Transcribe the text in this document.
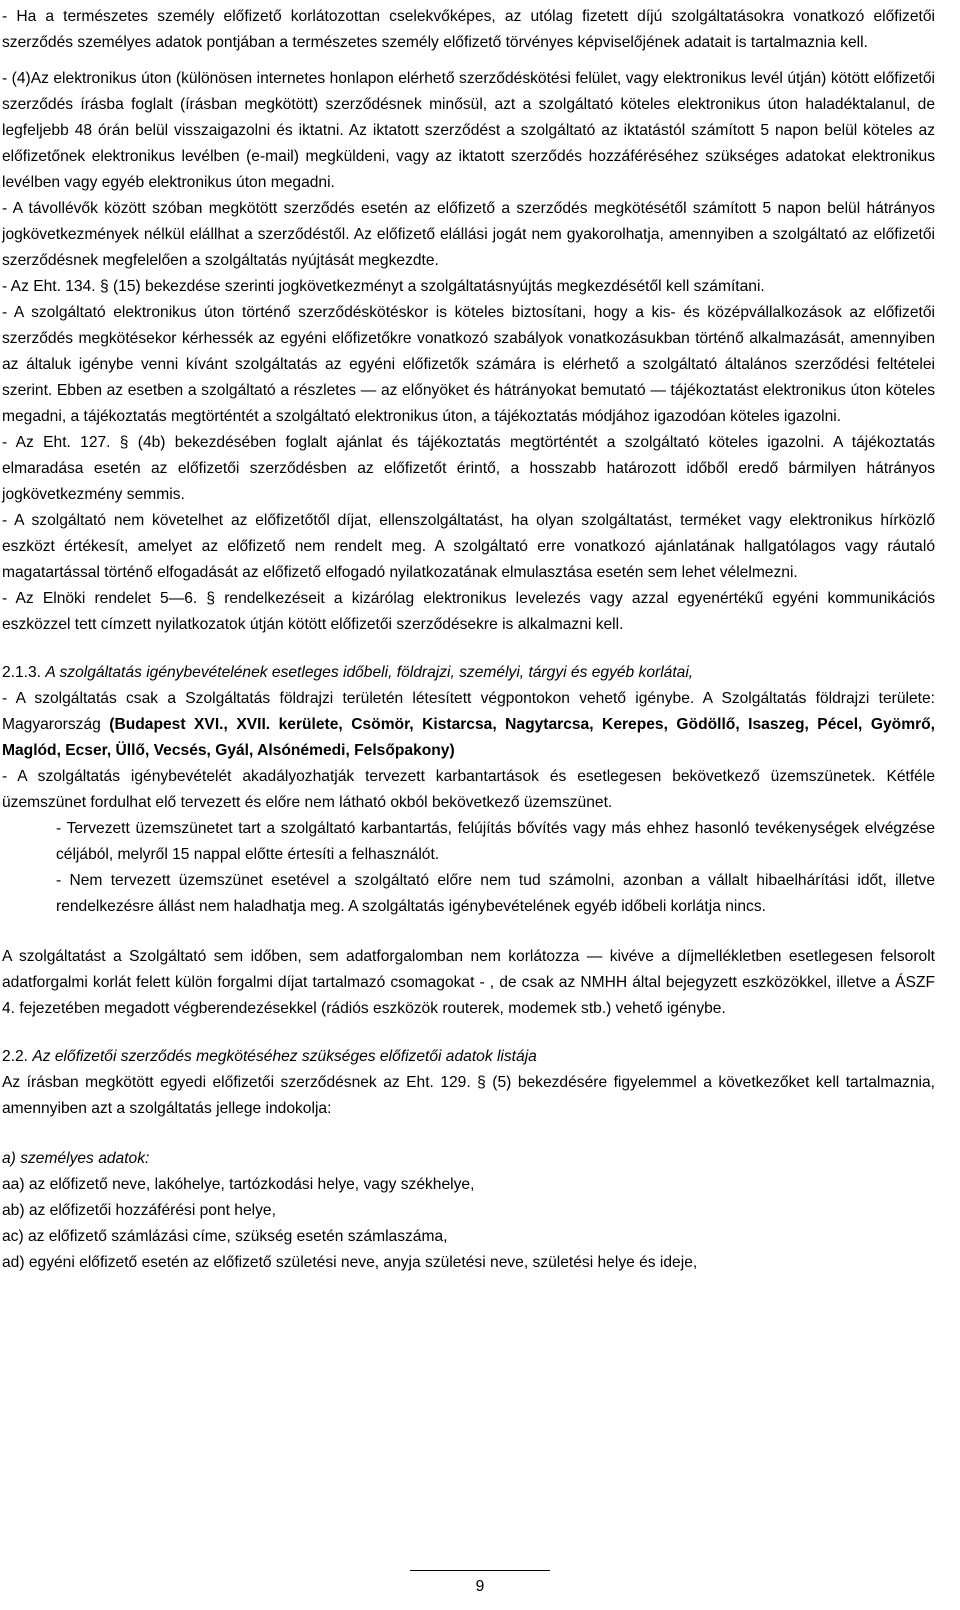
- Ha a természetes személy előfizető korlátozottan cselekvőképes, az utólag fizetett díjú szolgáltatásokra vonatkozó előfizetői szerződés személyes adatok pontjában a természetes személy előfizető törvényes képviselőjének adatait is tartalmaznia kell.

- (4)Az elektronikus úton (különösen internetes honlapon elérhető szerződéskötési felület, vagy elektronikus levél útján) kötött előfizetői szerződés írásba foglalt (írásban megkötött) szerződésnek minősül, azt a szolgáltató köteles elektronikus úton haladéktalanul, de legfeljebb 48 órán belül visszaigazolni és iktatni. Az iktatott szerződést a szolgáltató az iktatástól számított 5 napon belül köteles az előfizetőnek elektronikus levélben (e-mail) megküldeni, vagy az iktatott szerződés hozzáféréséhez szükséges adatokat elektronikus levélben vagy egyéb elektronikus úton megadni.

- A távollévők között szóban megkötött szerződés esetén az előfizető a szerződés megkötésétől számított 5 napon belül hátrányos jogkövetkezmények nélkül elállhat a szerződéstől. Az előfizető elállási jogát nem gyakorolhatja, amennyiben a szolgáltató az előfizetői szerződésnek megfelelően a szolgáltatás nyújtását megkezdte.

- Az Eht. 134. § (15) bekezdése szerinti jogkövetkezményt a szolgáltatásnyújtás megkezdésétől kell számítani.

- A szolgáltató elektronikus úton történő szerződéskötéskor is köteles biztosítani, hogy a kis- és középvállalkozások az előfizetői szerződés megkötésekor kérhessék az egyéni előfizetőkre vonatkozó szabályok vonatkozásukban történő alkalmazását, amennyiben az általuk igénybe venni kívánt szolgáltatás az egyéni előfizetők számára is elérhető a szolgáltató általános szerződési feltételei szerint. Ebben az esetben a szolgáltató a részletes — az előnyöket és hátrányokat bemutató — tájékoztatást elektronikus úton köteles megadni, a tájékoztatás megtörténtét a szolgáltató elektronikus úton, a tájékoztatás módjához igazodóan köteles igazolni.

- Az Eht. 127. § (4b) bekezdésében foglalt ajánlat és tájékoztatás megtörténtét a szolgáltató köteles igazolni. A tájékoztatás elmaradása esetén az előfizetői szerződésben az előfizetőt érintő, a hosszabb határozott időből eredő bármilyen hátrányos jogkövetkezmény semmis.

- A szolgáltató nem követelhet az előfizetőtől díjat, ellenszolgáltatást, ha olyan szolgáltatást, terméket vagy elektronikus hírközlő eszközt értékesít, amelyet az előfizető nem rendelt meg. A szolgáltató erre vonatkozó ajánlatának hallgatólagos vagy ráutaló magatartással történő elfogadását az előfizető elfogadó nyilatkozatának elmulasztása esetén sem lehet vélelmezni.

- Az Elnöki rendelet 5—6. § rendelkezéseit a kizárólag elektronikus levelezés vagy azzal egyenértékű egyéni kommunikációs eszközzel tett címzett nyilatkozatok útján kötött előfizetői szerződésekre is alkalmazni kell.

2.1.3. A szolgáltatás igénybevételének esetleges időbeli, földrajzi, személyi, tárgyi és egyéb korlátai,

- A szolgáltatás csak a Szolgáltatás földrajzi területén létesített végpontokon vehető igénybe. A Szolgáltatás földrajzi területe: Magyarország (Budapest XVI., XVII. kerülete, Csömör, Kistarcsa, Nagytarcsa, Kerepes, Gödöllő, Isaszeg, Pécel, Gyömrő, Maglód, Ecser, Üllő, Vecsés, Gyál, Alsónémedi, Felsőpakony)

- A szolgáltatás igénybevételét akadályozhatják tervezett karbantartások és esetlegesen bekövetkező üzemszünetek. Kétféle üzemszünet fordulhat elő tervezett és előre nem látható okból bekövetkező üzemszünet.

- Tervezett üzemszünetet tart a szolgáltató karbantartás, felújítás bővítés vagy más ehhez hasonló tevékenységek elvégzése céljából, melyről 15 nappal előtte értesíti a felhasználót.

- Nem tervezett üzemszünet esetével a szolgáltató előre nem tud számolni, azonban a vállalt hibaelhárítási időt, illetve rendelkezésre állást nem haladhatja meg. A szolgáltatás igénybevételének egyéb időbeli korlátja nincs.

A szolgáltatást a Szolgáltató sem időben, sem adatforgalomban nem korlátozza — kivéve a díjmellékletben esetlegesen felsorolt adatforgalmi korlát felett külön forgalmi díjat tartalmazó csomagokat - , de csak az NMHH által bejegyzett eszközökkel, illetve a ÁSZF 4. fejezetében megadott végberendezésekkel (rádiós eszközök routerek, modemek stb.) vehető igénybe.

2.2. Az előfizetői szerződés megkötéséhez szükséges előfizetői adatok listája

Az írásban megkötött egyedi előfizetői szerződésnek az Eht. 129. § (5) bekezdésére figyelemmel a következőket kell tartalmaznia, amennyiben azt a szolgáltatás jellege indokolja:

a) személyes adatok:

aa) az előfizető neve, lakóhelye, tartózkodási helye, vagy székhelye,

ab) az előfizetői hozzáférési pont helye,

ac) az előfizető számlázási címe, szükség esetén számlaszáma,

ad) egyéni előfizető esetén az előfizető születési neve, anyja születési neve, születési helye és ideje,

9
